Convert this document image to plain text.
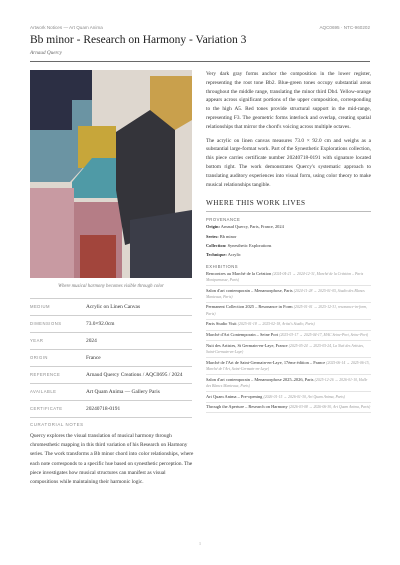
Artwork Notices — Art Quam Anima	AQC0695 · NTC-960202
Bb minor - Research on Harmony - Variation 3
Arnaud Quercy
Where musical harmony becomes visible through color
MEDIUM	Acrylic on Linen Canvas
DIMENSIONS	73.0×92.0cm
YEAR	2024
ORIGIN	France
REFERENCE	Arnaud Quercy Creations / AQC0695 / 2024
AVAILABLE	Art Quam Anima — Gallery Paris
CERTIFICATE	20240718-0191
CURATORIAL NOTES
Quercy explores the visual translation of musical harmony through chromesthetic mapping in this third variation of his Research on Harmony series. The work transforms a Bb minor chord into color relationships, where each note corresponds to a specific hue based on synesthetic perception. The piece investigates how musical structures can manifest as visual compositions while maintaining their harmonic logic.

Very dark gray forms anchor the composition in the lower register, representing the root tone Bb2. Blue-green tones occupy substantial areas throughout the middle range, translating the minor third Db4. Yellow-orange appears across significant portions of the upper composition, corresponding to the high A5. Red tones provide structural support in the mid-range, representing F3. The geometric forms interlock and overlap, creating spatial relationships that mirror the chord's voicing across multiple octaves.

The acrylic on linen canvas measures 73.0 × 92.0 cm and weighs as a substantial large-format work. Part of the Synesthetic Explorations collection, this piece carries certificate number 20240718-0191 with signature located bottom right. The work demonstrates Quercy's systematic approach to translating auditory experiences into visual form, using color theory to make musical relationships tangible.

WHERE THIS WORK LIVES
PROVENANCE
Origin: Arnaud Quercy, Paris, France, 2024
Series: Bb minor
Collection: Synesthetic Explorations
Technique: Acrylic
EXHIBITIONS
Rencontres au Marché de la Création (2024-04-21 → 2024-12-31, Marché de la Création – Paris Montparnasse, Paris)
Salon d'art contemporain – Menamorphose, Paris (2024-11-28 → 2025-01-05, Studio des Blancs Manteaux, Paris)
Permanent Collection 2025 – Resonance in Form (2025-01-01 → 2025-12-31, resonance-in-form, Paris)
Paris Studio Visit (2025-01-18 → 2025-02-18, Artist's Studio, Paris)
Marché d'Art Contemporain – Seine Port (2025-03-17 → 2025-04-17, MAC Seine-Port, Seine-Port)
Nuit des Artistes, St Germain-en-Laye, France (2025-05-24 → 2025-05-24, La Nuit des Artistes, Saint-Germain-en-Laye)
Marché de l'Art de Saint-Germain-en-Laye, 17ème édition – France (2025-06-14 → 2025-06-15, Marché de l'Art, Saint-Germain-en-Laye)
Salon d'art contemporain – Menamorphose 2025–2026, Paris (2025-12-26 → 2026-01-10, Halle des Blancs Manteaux, Paris)
Art Quam Anima – Pre-opening (2026-01-15 → 2026-01-30, Art Quam Anima, Paris)
Through the Aperture – Research on Harmony (2026-03-08 → 2026-06-30, Art Quam Anima, Paris)
1
